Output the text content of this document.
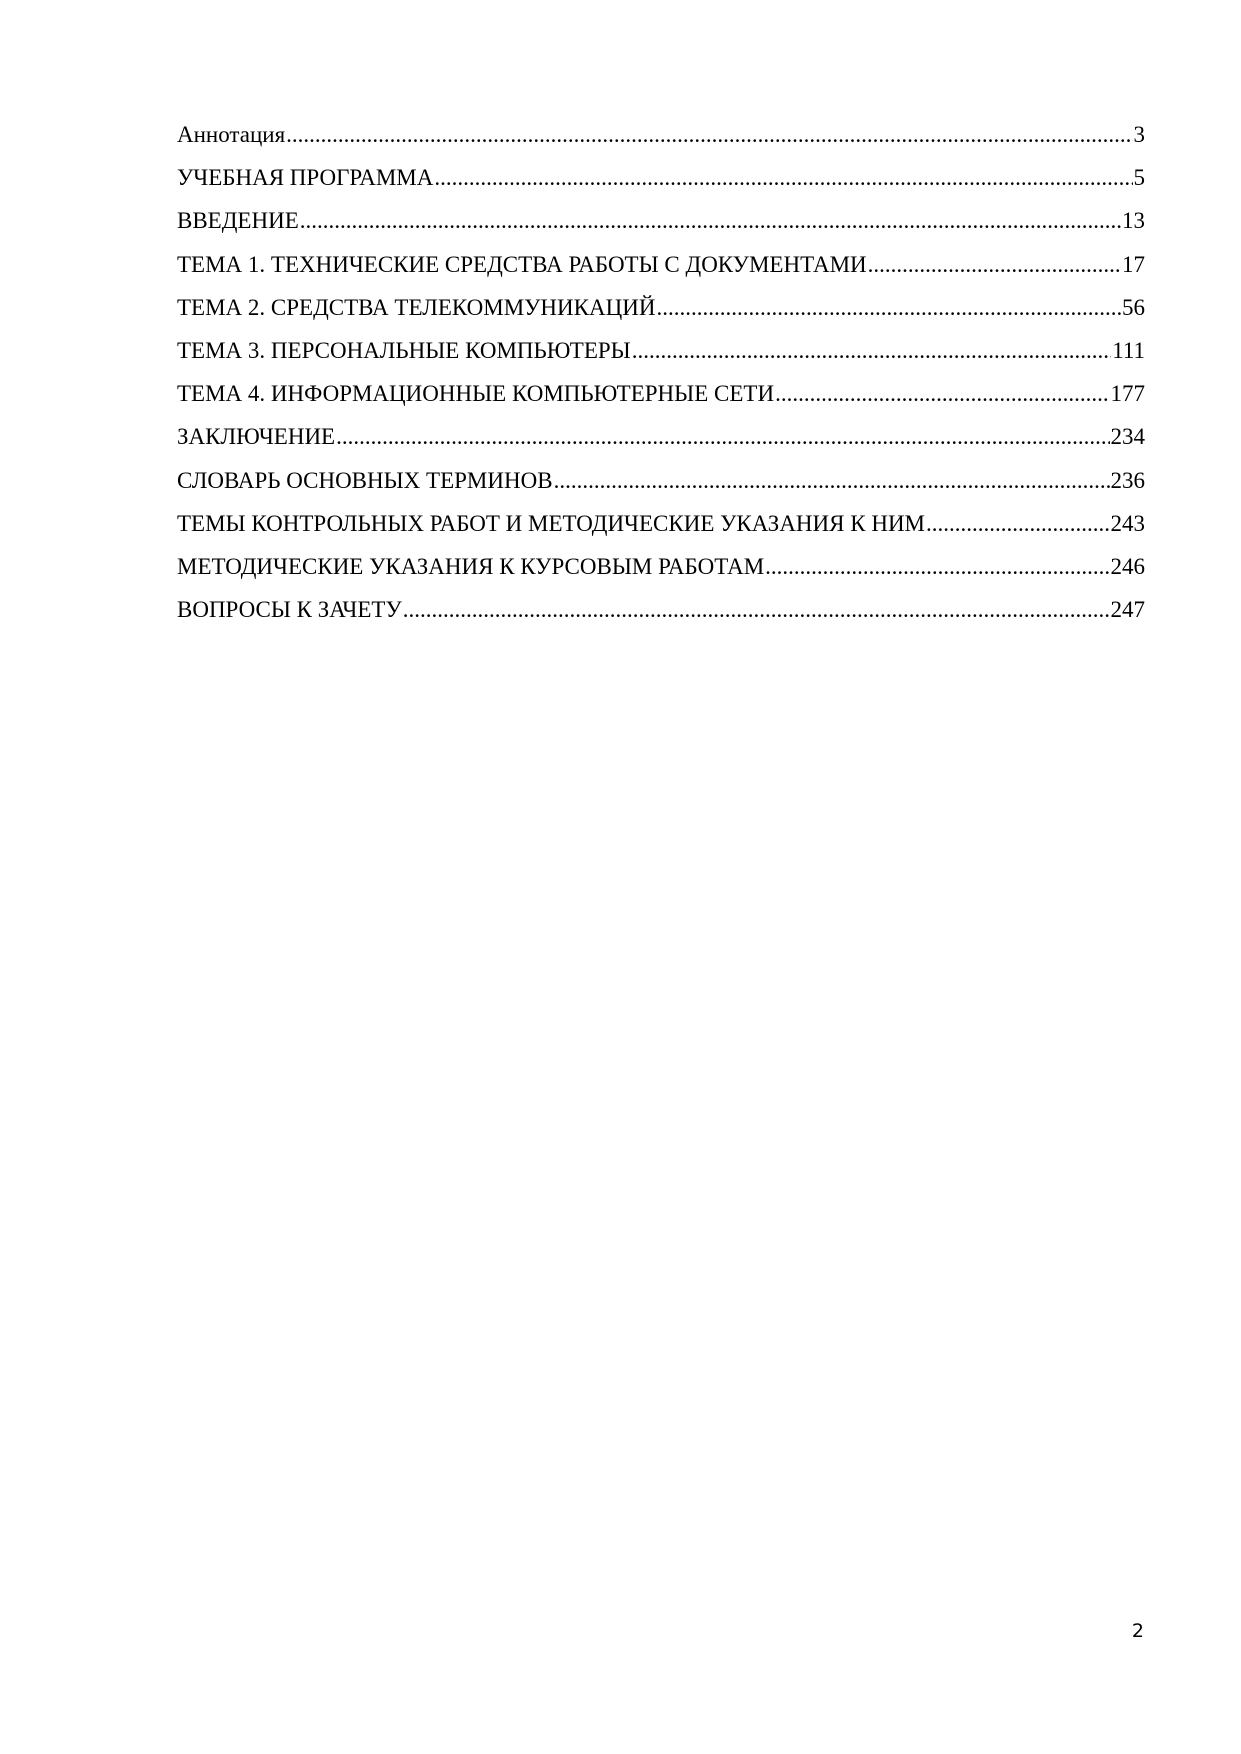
Аннотация .....	3
УЧЕБНАЯ ПРОГРАММА .....	5
ВВЕДЕНИЕ .....	13
ТЕМА 1. ТЕХНИЧЕСКИЕ СРЕДСТВА РАБОТЫ С ДОКУМЕНТАМИ .....	17
ТЕМА 2. СРЕДСТВА ТЕЛЕКОММУНИКАЦИЙ .....	56
ТЕМА 3. ПЕРСОНАЛЬНЫЕ КОМПЬЮТЕРЫ .....	111
ТЕМА 4. ИНФОРМАЦИОННЫЕ КОМПЬЮТЕРНЫЕ СЕТИ .....	177
ЗАКЛЮЧЕНИЕ .....	234
СЛОВАРЬ ОСНОВНЫХ ТЕРМИНОВ .....	236
ТЕМЫ КОНТРОЛЬНЫХ РАБОТ И МЕТОДИЧЕСКИЕ УКАЗАНИЯ К НИМ .....	243
МЕТОДИЧЕСКИЕ УКАЗАНИЯ К КУРСОВЫМ РАБОТАМ .....	246
ВОПРОСЫ К ЗАЧЕТУ .....	247
2
